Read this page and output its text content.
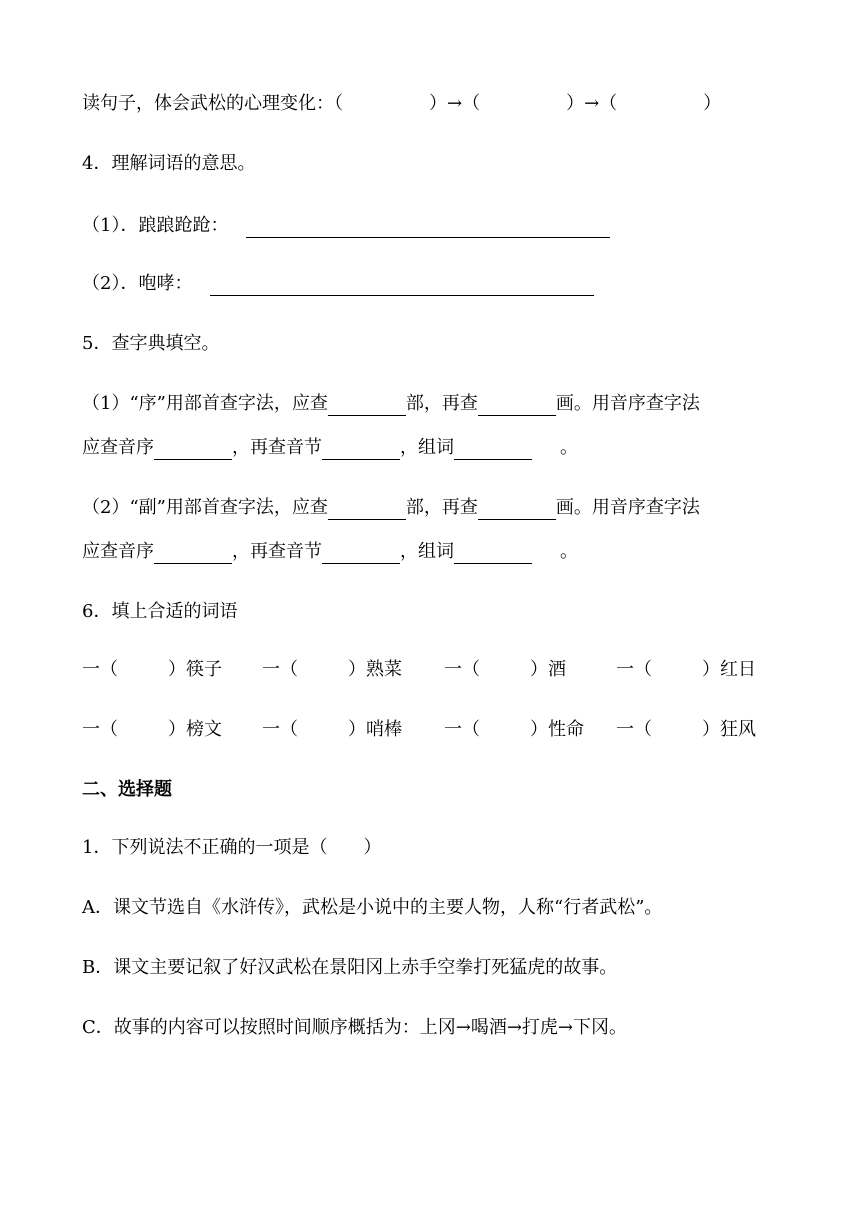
读句子，体会武松的心理变化：（	）→（	）→（	）
4．理解词语的意思。
（1）．踉踉跄跄：
（2）．咆哮：
5．查字典填空。
（1）“序”用部首查字法，应查	部，再查	画。用音序查字法
应查音序	，再查音节	，组词	。
（2）“副”用部首查字法，应查	部，再查	画。用音序查字法
应查音序	，再查音节	，组词	。
6．填上合适的词语
一（	）筷子 一（	）熟菜 一（	）酒	一（	）红日
一（	）榜文 一（	）哨棒 一（	）性命 一（	）狂风
二、选择题
1．下列说法不正确的一项是（　　）
A．课文节选自《水浒传》，武松是小说中的主要人物，人称“行者武松”。
B．课文主要记叙了好汉武松在景阳冈上赤手空拳打死猛虎的故事。
C．故事的内容可以按照时间顺序概括为：上冈→喝酒→打虎→下冈。
